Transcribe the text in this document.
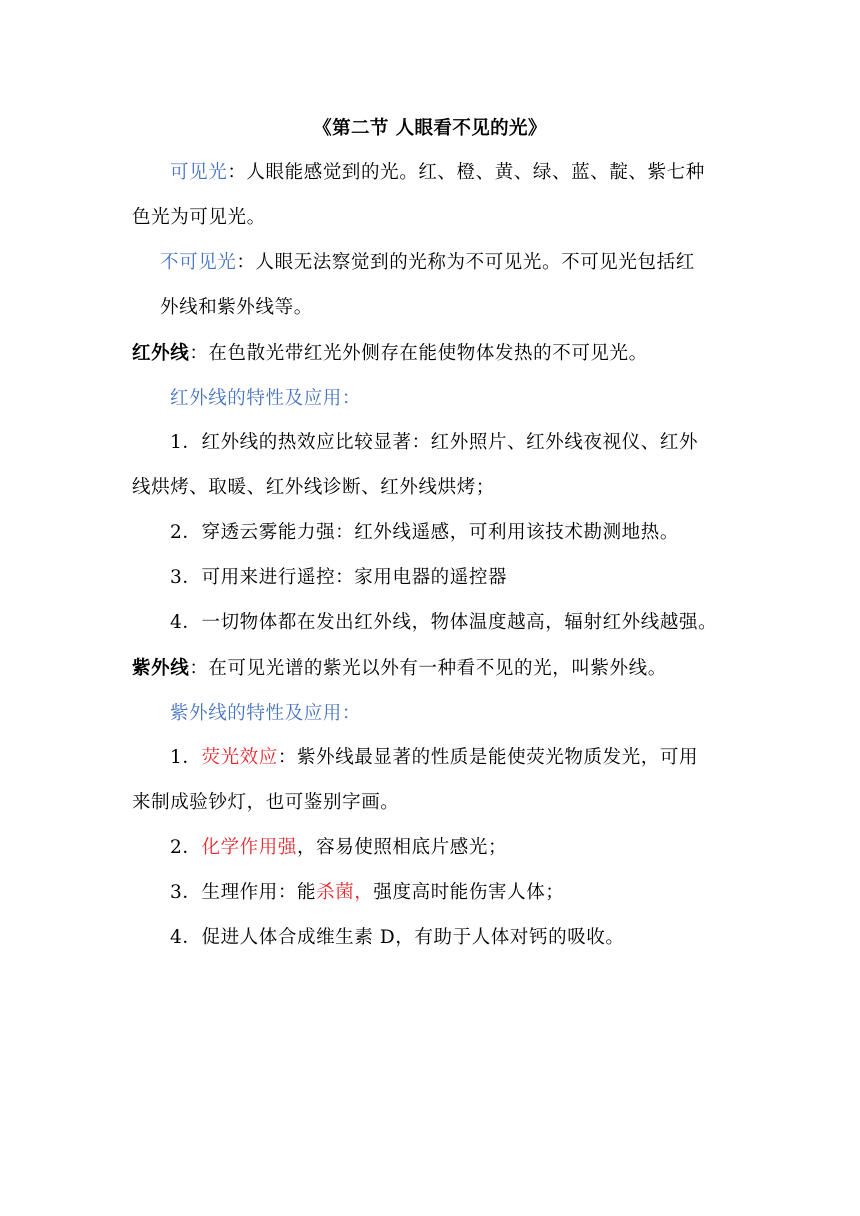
《第二节 人眼看不见的光》
可见光：人眼能感觉到的光。红、橙、黄、绿、蓝、靛、紫七种
色光为可见光。
不可见光：人眼无法察觉到的光称为不可见光。不可见光包括红
外线和紫外线等。
红外线：在色散光带红光外侧存在能使物体发热的不可见光。
红外线的特性及应用：
1．红外线的热效应比较显著：红外照片、红外线夜视仪、红外
线烘烤、取暖、红外线诊断、红外线烘烤；
2．穿透云雾能力强：红外线遥感，可利用该技术勘测地热。
3．可用来进行遥控：家用电器的遥控器
4．一切物体都在发出红外线，物体温度越高，辐射红外线越强。
紫外线：在可见光谱的紫光以外有一种看不见的光，叫紫外线。
紫外线的特性及应用：
1．荧光效应：紫外线最显著的性质是能使荧光物质发光，可用
来制成验钞灯，也可鉴别字画。
2．化学作用强，容易使照相底片感光；
3．生理作用：能杀菌，强度高时能伤害人体；
4．促进人体合成维生素 D，有助于人体对钙的吸收。
